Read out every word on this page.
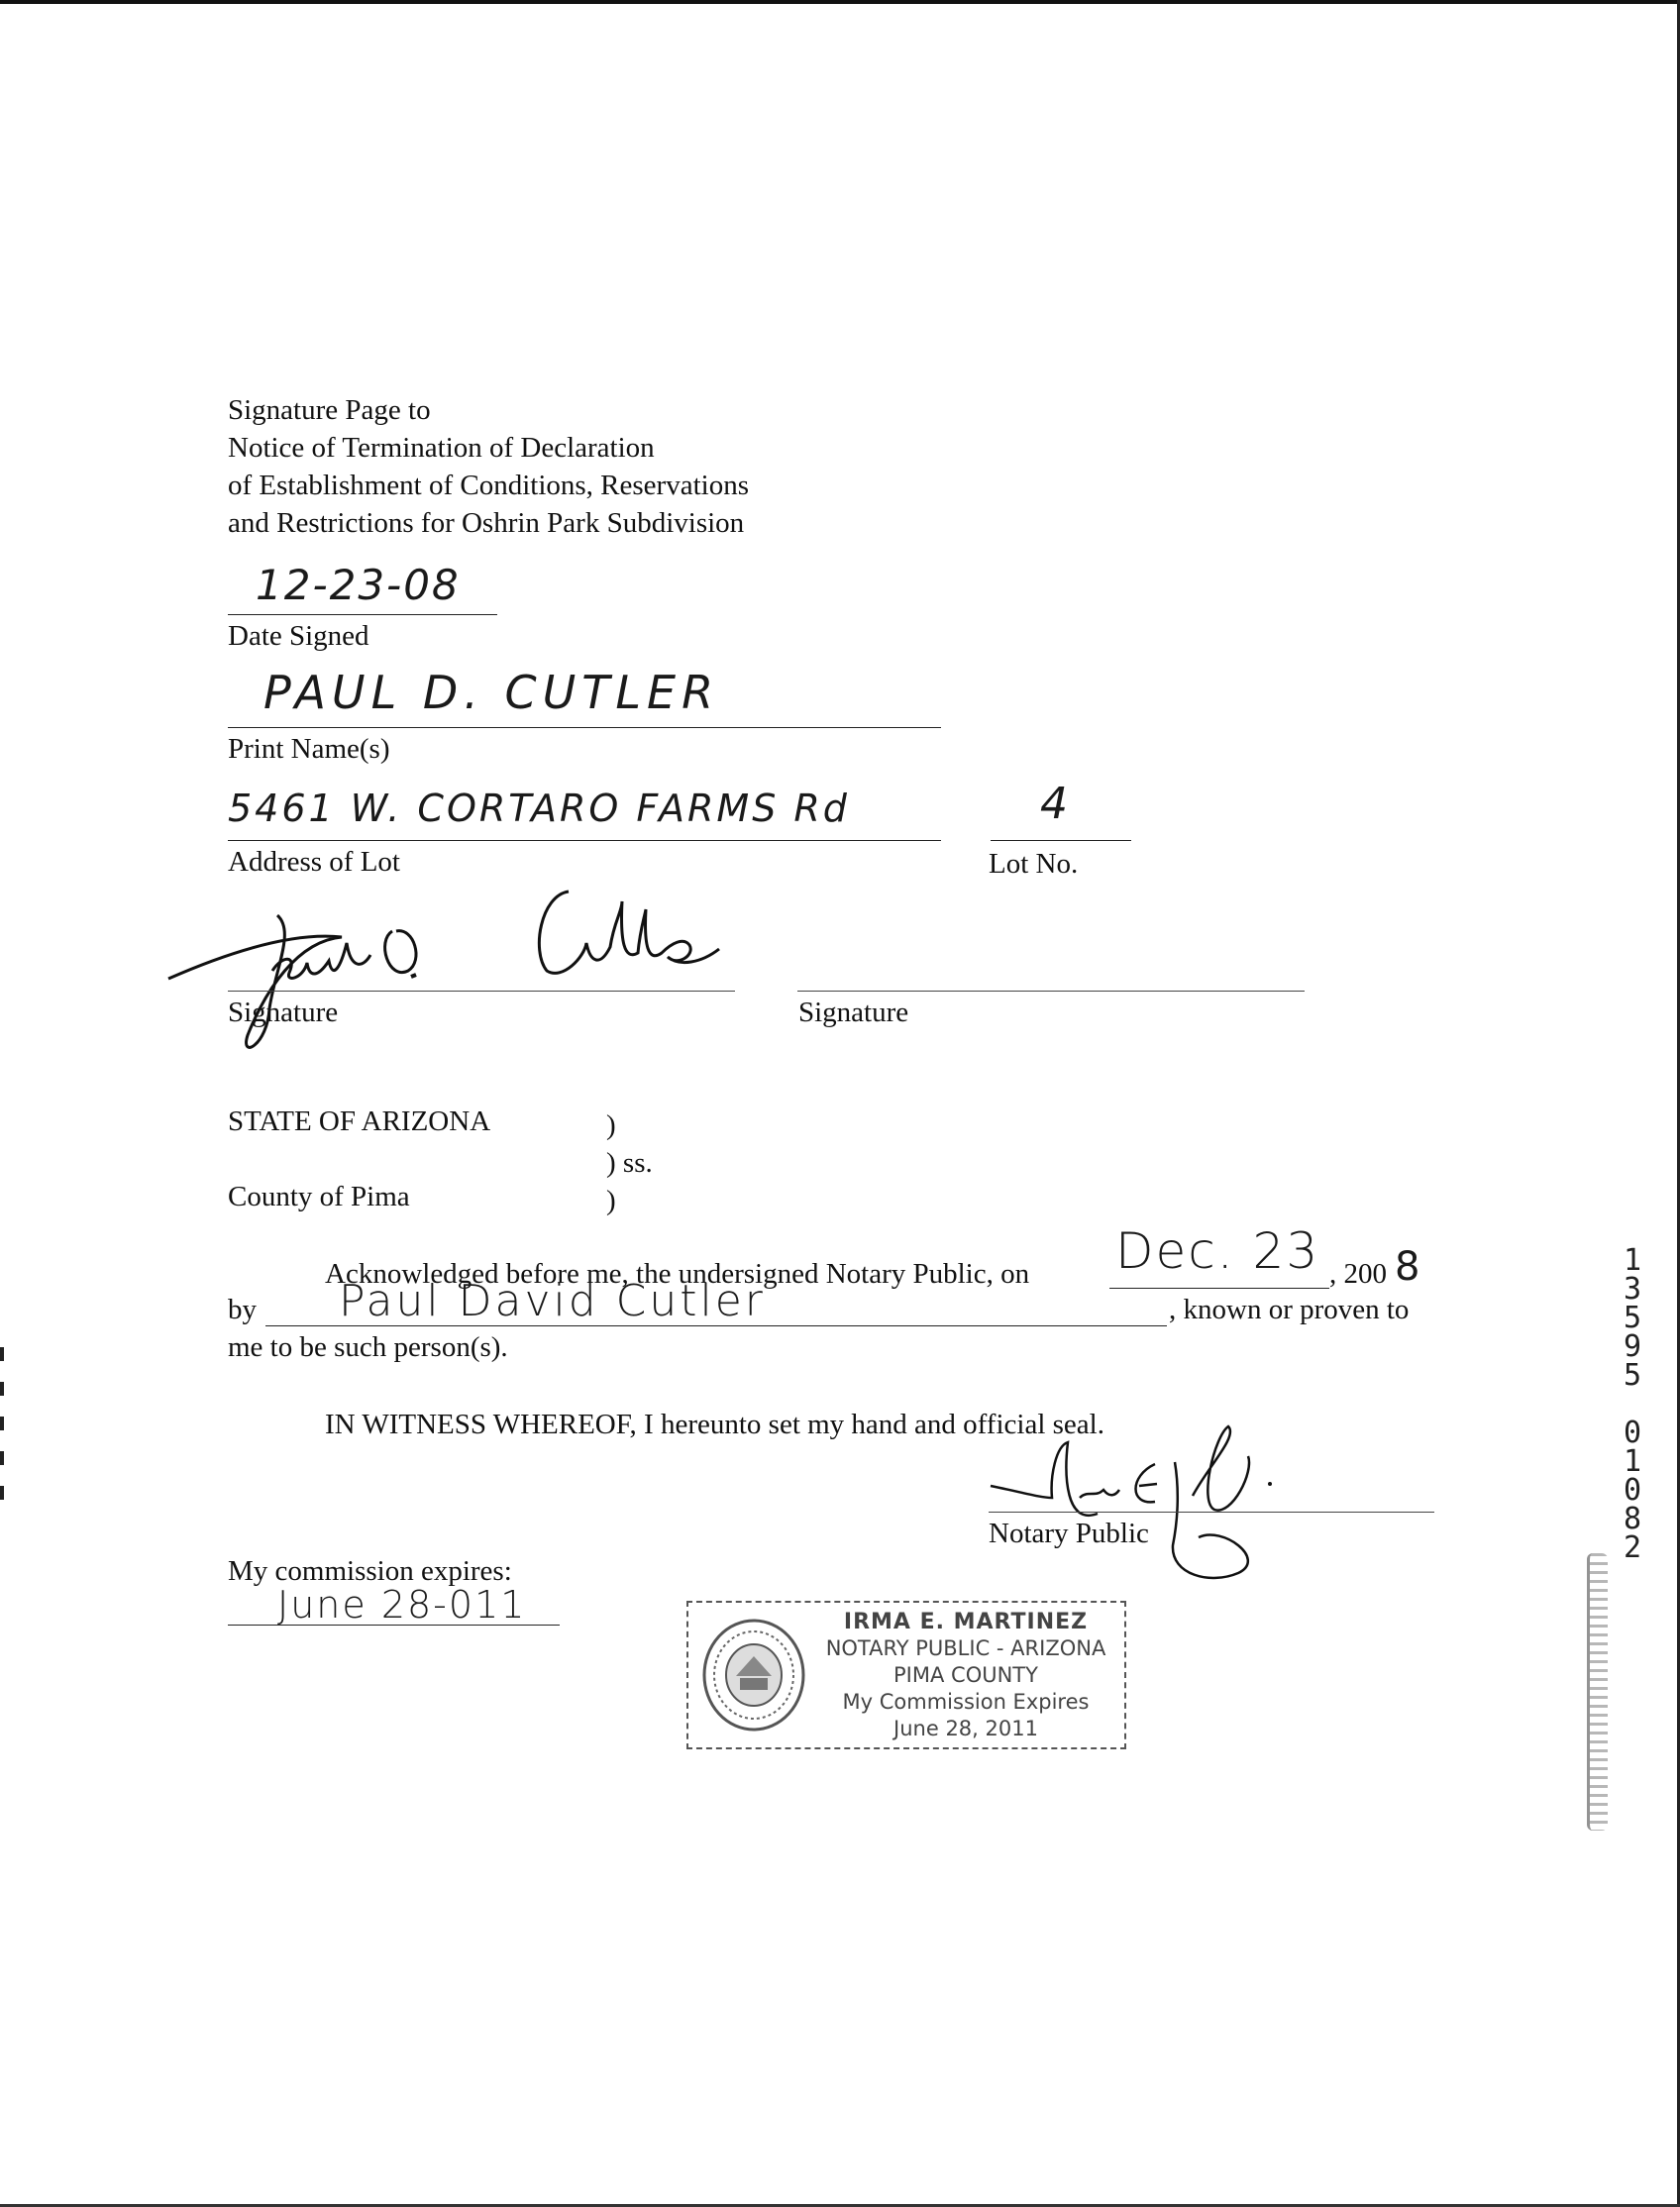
Signature Page to
Notice of Termination of Declaration
of Establishment of Conditions, Reservations
and Restrictions for Oshrin Park Subdivision
12-23-08
Date Signed
PAUL D. CUTLER
Print Name(s)
5461 W. CORTARO FARMS Rd
Address of Lot
4
Lot No.
Signature	Signature
STATE OF ARIZONA	)
) ss.
County of Pima	)
Acknowledged before me, the undersigned Notary Public, on Dec. 23 , 200 8
by Paul David Cutler	, known or proven to
me to be such person(s).
IN WITNESS WHEREOF, I hereunto set my hand and official seal.
Notary Public
My commission expires:
June 28-011	IRMA E. MARTINEZ
NOTARY PUBLIC - ARIZONA
PIMA COUNTY
My Commission Expires
June 28, 2011
1
3
5
9
5

0
1
0
8
2
